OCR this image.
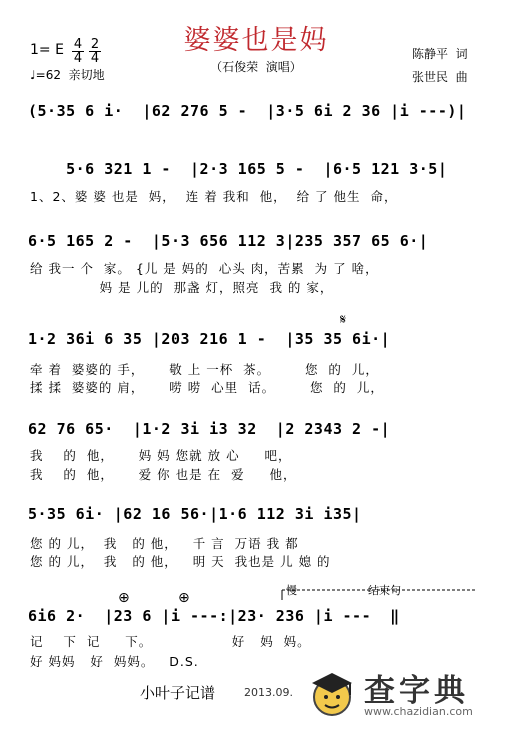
婆婆也是妈
（石俊荣  演唱）
1= E $\frac{4}{4} \frac{2}{4}$
♩=62  亲切地
陈静平  词
张世民  曲
(5·35 6 i·  |62 276 5 -  |3·5 6i 2 36 |i ---)|
5·6 321 1 -  |2·3 165 5 -  |6·5 121 3·5|
1、2、婆 婆 也是  妈，  连 着 我和  他，  给 了 他生  命，
6·5 165 2 -  |5·3 656 112 3|235 357 65 6·|
给 我一 个  家。 {儿 是 妈的  心头 肉，苦累  为 了 啥，
妈 是 儿的  那盏 灯，照亮  我 的 家，
𝄋
1·2 36i 6 35 |203 216 1 -  |35 35 6i·|
牵 着  婆婆的 手，     敬 上 一杯  茶。       您  的  儿，
揉 揉  婆婆的 肩，     唠 唠  心里  话。       您  的  儿，
62 76 65·  |1·2 3i i3 32  |2 2343 2 -|
我    的  他，     妈 妈 您就 放 心     吧，
我    的  他，     爱 你 也是 在  爱     他，
5·35 6i· |62 16 56·|1·6 112 3i i35|
您 的 儿，  我   的 他，   千 言  万语 我 都
您 的 儿，  我   的 他，   明 天  我也是 儿 媳 的
⊕	⊕	慢	结束句
6i6 2·  |23 6 |i ---:|23· 236 |i ---  ‖
记    下  记     下。                好   妈  妈。
好 妈妈   好  妈妈。   D.S.
小叶子记谱	2013.09.

查字典

www.chazidian.com
